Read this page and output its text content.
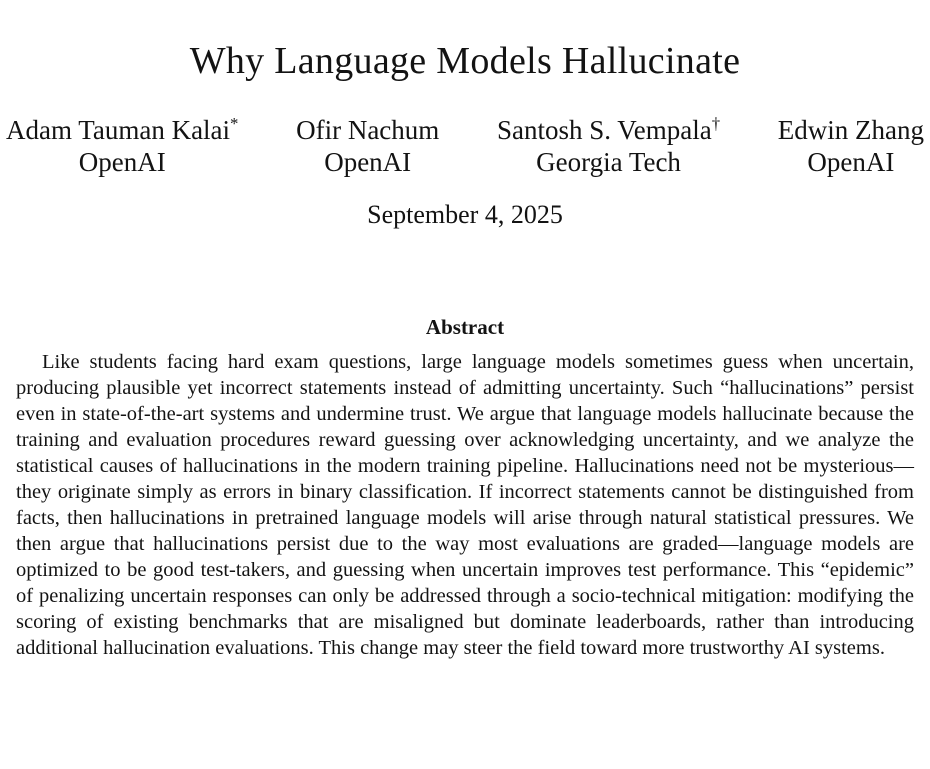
Why Language Models Hallucinate
Adam Tauman Kalai*
OpenAI
Ofir Nachum
OpenAI
Santosh S. Vempala†
Georgia Tech
Edwin Zhang
OpenAI
September 4, 2025
Abstract

Like students facing hard exam questions, large language models sometimes guess when uncertain, producing plausible yet incorrect statements instead of admitting uncertainty. Such “hallucinations” persist even in state-of-the-art systems and undermine trust. We argue that language models hallucinate because the training and evaluation procedures reward guessing over acknowledging uncertainty, and we analyze the statistical causes of hallucinations in the modern training pipeline. Hallucinations need not be mysterious—they originate simply as errors in binary classification. If incorrect statements cannot be distinguished from facts, then hallucinations in pretrained language models will arise through natural statistical pressures. We then argue that hallucinations persist due to the way most evaluations are graded—language models are optimized to be good test-takers, and guessing when uncertain improves test performance. This “epidemic” of penalizing uncertain responses can only be addressed through a socio-technical mitigation: modifying the scoring of existing benchmarks that are misaligned but dominate leaderboards, rather than introducing additional hallucination evaluations. This change may steer the field toward more trustworthy AI systems.
